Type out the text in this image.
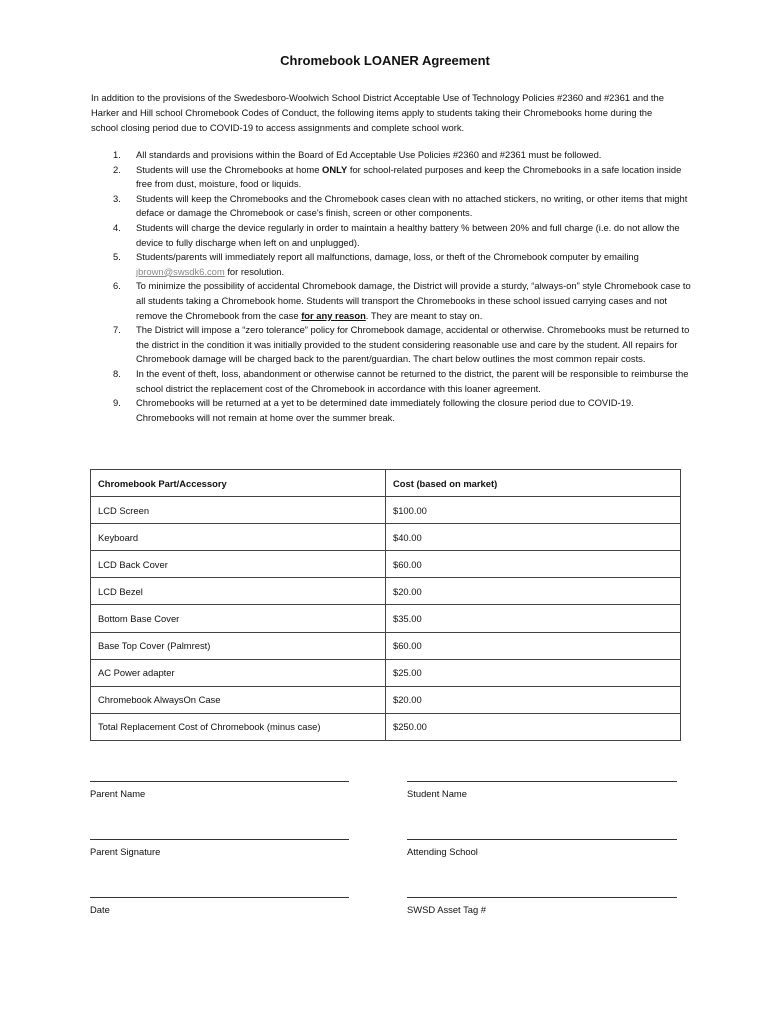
Chromebook LOANER Agreement
In addition to the provisions of the Swedesboro-Woolwich School District Acceptable Use of Technology Policies #2360 and #2361 and the Harker and Hill school Chromebook Codes of Conduct, the following items apply to students taking their Chromebooks home during the school closing period due to COVID-19 to access assignments and complete school work.
1. All standards and provisions within the Board of Ed Acceptable Use Policies #2360 and #2361 must be followed.
2. Students will use the Chromebooks at home ONLY for school-related purposes and keep the Chromebooks in a safe location inside free from dust, moisture, food or liquids.
3. Students will keep the Chromebooks and the Chromebook cases clean with no attached stickers, no writing, or other items that might deface or damage the Chromebook or case's finish, screen or other components.
4. Students will charge the device regularly in order to maintain a healthy battery % between 20% and full charge (i.e. do not allow the device to fully discharge when left on and unplugged).
5. Students/parents will immediately report all malfunctions, damage, loss, or theft of the Chromebook computer by emailing jbrown@swsdk6.com for resolution.
6. To minimize the possibility of accidental Chromebook damage, the District will provide a sturdy, “always-on” style Chromebook case to all students taking a Chromebook home. Students will transport the Chromebooks in these school issued carrying cases and not remove the Chromebook from the case for any reason. They are meant to stay on.
7. The District will impose a “zero tolerance” policy for Chromebook damage, accidental or otherwise. Chromebooks must be returned to the district in the condition it was initially provided to the student considering reasonable use and care by the student. All repairs for Chromebook damage will be charged back to the parent/guardian. The chart below outlines the most common repair costs.
8. In the event of theft, loss, abandonment or otherwise cannot be returned to the district, the parent will be responsible to reimburse the school district the replacement cost of the Chromebook in accordance with this loaner agreement.
9. Chromebooks will be returned at a yet to be determined date immediately following the closure period due to COVID-19. Chromebooks will not remain at home over the summer break.
Chromebook Part/Accessory	Cost (based on market)
LCD Screen	$100.00
Keyboard	$40.00
LCD Back Cover	$60.00
LCD Bezel	$20.00
Bottom Base Cover	$35.00
Base Top Cover (Palmrest)	$60.00
AC Power adapter	$25.00
Chromebook AlwaysOn Case	$20.00
Total Replacement Cost of Chromebook (minus case)	$250.00
Parent Name	Student Name
Parent Signature	Attending School
Date	SWSD Asset Tag #
